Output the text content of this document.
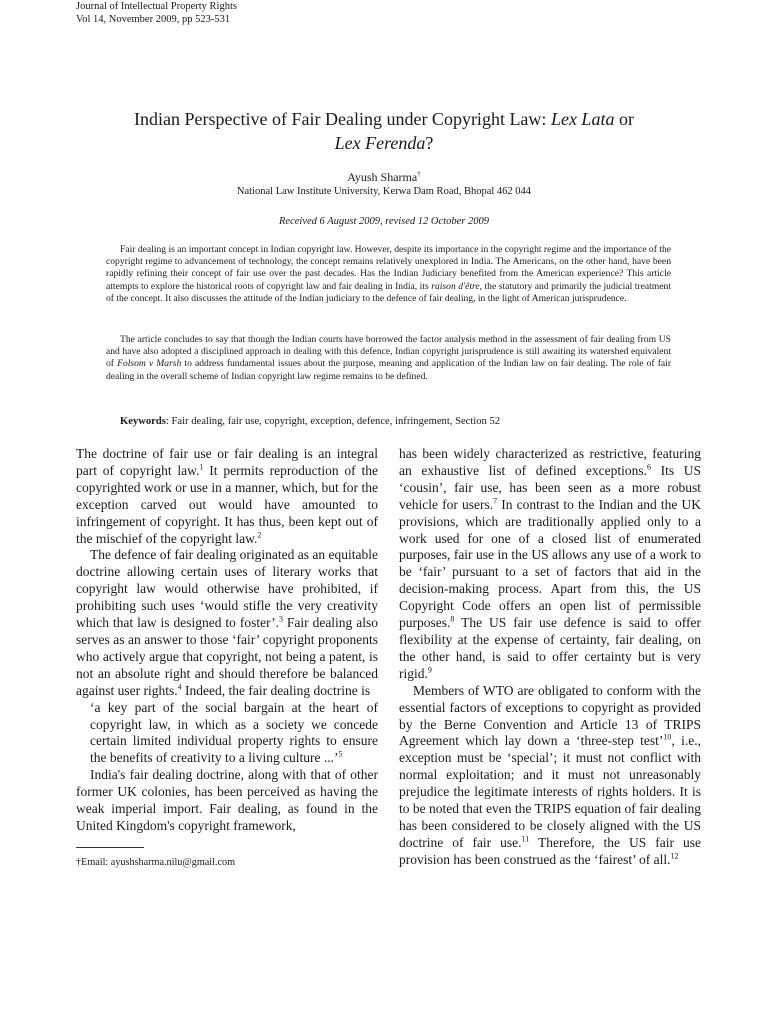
Journal of Intellectual Property Rights
Vol 14, November 2009, pp 523-531
Indian Perspective of Fair Dealing under Copyright Law: Lex Lata or
Lex Ferenda?
Ayush Sharma†
National Law Institute University, Kerwa Dam Road, Bhopal 462 044
Received 6 August 2009, revised 12 October 2009

Fair dealing is an important concept in Indian copyright law. However, despite its importance in the copyright regime and the importance of the copyright regime to advancement of technology, the concept remains relatively unexplored in India. The Americans, on the other hand, have been rapidly refining their concept of fair use over the past decades. Has the Indian Judiciary benefited from the American experience? This article attempts to explore the historical roots of copyright law and fair dealing in India, its raison d'ȇtre, the statutory and primarily the judicial treatment of the concept. It also discusses the attitude of the Indian judiciary to the defence of fair dealing, in the light of American jurisprudence.

The article concludes to say that though the Indian courts have borrowed the factor analysis method in the assessment of fair dealing from US and have also adopted a disciplined approach in dealing with this defence, Indian copyright jurisprudence is still awaiting its watershed equivalent of Folsom v Marsh to address fundamental issues about the purpose, meaning and application of the Indian law on fair dealing. The role of fair dealing in the overall scheme of Indian copyright law regime remains to be defined.

Keywords: Fair dealing, fair use, copyright, exception, defence, infringement, Section 52

The doctrine of fair use or fair dealing is an integral part of copyright law.$^1$ It permits reproduction of the copyrighted work or use in a manner, which, but for the exception carved out would have amounted to infringement of copyright. It has thus, been kept out of the mischief of the copyright law.$^2$

The defence of fair dealing originated as an equitable doctrine allowing certain uses of literary works that copyright law would otherwise have prohibited, if prohibiting such uses ‘would stifle the very creativity which that law is designed to foster’.$^3$ Fair dealing also serves as an answer to those ‘fair’ copyright proponents who actively argue that copyright, not being a patent, is not an absolute right and should therefore be balanced against user rights.$^4$ Indeed, the fair dealing doctrine is

‘a key part of the social bargain at the heart of copyright law, in which as a society we concede certain limited individual property rights to ensure the benefits of creativity to a living culture ...’$^5$

India's fair dealing doctrine, along with that of other former UK colonies, has been perceived as having the weak imperial import. Fair dealing, as found in the United Kingdom's copyright framework,

has been widely characterized as restrictive, featuring an exhaustive list of defined exceptions.$^6$ Its US ‘cousin’, fair use, has been seen as a more robust vehicle for users.$^7$ In contrast to the Indian and the UK provisions, which are traditionally applied only to a work used for one of a closed list of enumerated purposes, fair use in the US allows any use of a work to be ‘fair’ pursuant to a set of factors that aid in the decision-making process. Apart from this, the US Copyright Code offers an open list of permissible purposes.$^8$ The US fair use defence is said to offer flexibility at the expense of certainty, fair dealing, on the other hand, is said to offer certainty but is very rigid.$^9$

Members of WTO are obligated to conform with the essential factors of exceptions to copyright as provided by the Berne Convention and Article 13 of TRIPS Agreement which lay down a ‘three-step test’$^{10}$, i.e., exception must be ‘special’; it must not conflict with normal exploitation; and it must not unreasonably prejudice the legitimate interests of rights holders. It is to be noted that even the TRIPS equation of fair dealing has been considered to be closely aligned with the US doctrine of fair use.$^{11}$ Therefore, the US fair use provision has been construed as the ‘fairest’ of all.$^{12}$

†Email: ayushsharma.nilu@gmail.com
